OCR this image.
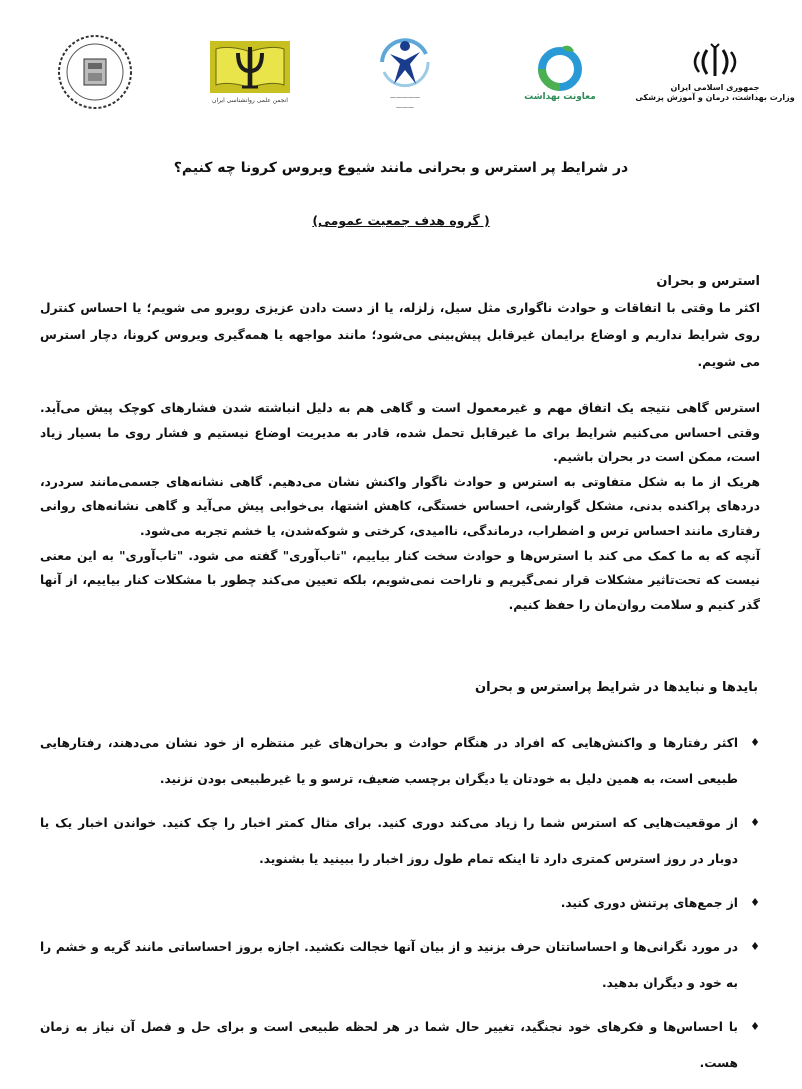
انجمن علمی روانشناسی ایران	—————
———
معاونت بهداشت
جمهوری اسلامی ایران
وزارت بهداشت، درمان و آموزش پزشکی
در شرایط پر استرس و بحرانی مانند شیوع ویروس کرونا چه کنیم؟
( گروه هدف جمعیت عمومی)
استرس و بحران

اکثر ما وقتی با اتفاقات و حوادث ناگواری مثل سیل، زلزله، یا از دست دادن عزیزی روبرو می شویم؛ یا احساس کنترل روی شرایط نداریم و اوضاع برایمان غیرقابل پیش‌بینی می‌شود؛ مانند مواجهه یا همه‌گیری ویروس کرونا، دچار استرس می شویم.

استرس گاهی نتیجه یک اتفاق مهم و غیرمعمول است و گاهی هم به دلیل انباشته شدن فشارهای کوچک پیش می‌آید. وقتی احساس می‌کنیم شرایط برای ما غیرقابل تحمل شده، قادر به مدیریت اوضاع نیستیم و فشار روی ما بسیار زیاد است، ممکن است در بحران باشیم.

هریک از ما به شکل متفاوتی به استرس و حوادث ناگوار واکنش نشان می‌دهیم. گاهی نشانه‌های جسمی‌مانند سردرد، دردهای پراکنده بدنی، مشکل گوارشی، احساس خستگی، کاهش اشتها، بی‌خوابی پیش می‌آید و گاهی نشانه‌های روانی رفتاری مانند احساس ترس و اضطراب، درماندگی، ناامیدی، کرختی و شوکه‌شدن، یا خشم تجربه می‌شود.

آنچه که به ما کمک می کند با استرس‌ها و حوادث سخت کنار بیاییم، "تاب‌آوری" گفته می شود. "تاب‌آوری" به این معنی نیست که تحت‌تاثیر مشکلات قرار نمی‌گیریم و ناراحت نمی‌شویم، بلکه تعیین می‌کند چطور با مشکلات کنار بیاییم، از آنها گذر کنیم و سلامت روان‌مان را حفظ کنیم.

بایدها و نبایدها در شرایط پراسترس و بحران
♦
اکثر رفتارها و واکنش‌هایی که افراد در هنگام حوادث و بحران‌های غیر منتظره از خود نشان می‌دهند، رفتارهایی طبیعی است، به همین دلیل به خودتان یا دیگران برچسب ضعیف، ترسو و یا غیرطبیعی بودن نزنید.
♦
از موقعیت‌هایی که استرس شما را زیاد می‌کند دوری کنید. برای مثال کمتر اخبار را چک کنید. خواندن اخبار یک یا دوبار در روز استرس کمتری دارد تا اینکه تمام طول روز اخبار را ببینید یا بشنوید.
♦
از جمع‌های پرتنش دوری کنید.
♦
در مورد نگرانی‌ها و احساساتتان حرف بزنید و از بیان آنها خجالت نکشید. اجازه بروز احساساتی مانند گریه و خشم را به خود و دیگران بدهید.
♦
با احساس‌ها و فکرهای خود نجنگید، تغییر حال شما در هر لحظه طبیعی است و برای حل و فصل آن نیاز به زمان هست.
